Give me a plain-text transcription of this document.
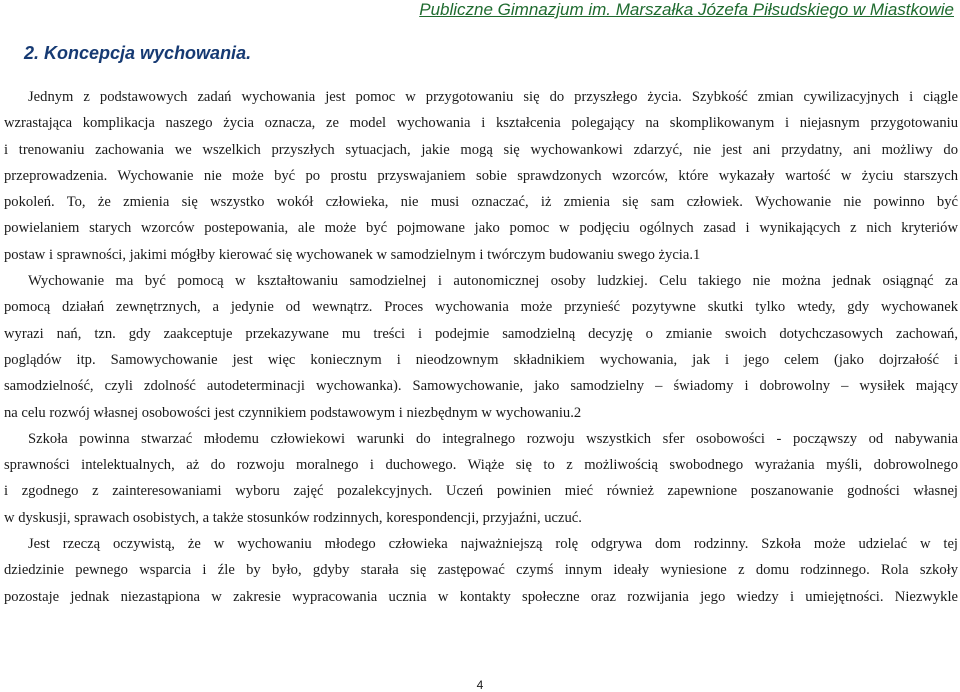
Publiczne Gimnazjum im. Marszałka Józefa Piłsudskiego w Miastkowie
2. Koncepcja wychowania.
Jednym z podstawowych zadań wychowania jest pomoc w przygotowaniu się do przyszłego życia. Szybkość zmian cywilizacyjnych i ciągle
wzrastająca komplikacja naszego życia oznacza, ze model wychowania i kształcenia polegający na skomplikowanym i niejasnym przygotowaniu
i trenowaniu zachowania we wszelkich przyszłych sytuacjach, jakie mogą się wychowankowi zdarzyć, nie jest ani przydatny, ani możliwy do
przeprowadzenia. Wychowanie nie może być po prostu przyswajaniem sobie sprawdzonych wzorców, które wykazały wartość w życiu starszych
pokoleń. To, że zmienia się wszystko wokół człowieka, nie musi oznaczać, iż zmienia się sam człowiek. Wychowanie nie powinno być
powielaniem starych wzorców postepowania, ale może być pojmowane jako pomoc w podjęciu ogólnych zasad i wynikających z nich kryteriów
postaw i sprawności, jakimi mógłby kierować się wychowanek w samodzielnym i twórczym budowaniu swego życia.1
Wychowanie ma być pomocą w kształtowaniu samodzielnej i autonomicznej osoby ludzkiej. Celu takiego nie można jednak osiągnąć za
pomocą działań zewnętrznych, a jedynie od wewnątrz. Proces wychowania może przynieść pozytywne skutki tylko wtedy, gdy wychowanek
wyrazi nań, tzn. gdy zaakceptuje przekazywane mu treści i podejmie samodzielną decyzję o zmianie swoich dotychczasowych zachowań,
poglądów itp. Samowychowanie jest więc koniecznym i nieodzownym składnikiem wychowania, jak i jego celem (jako dojrzałość i
samodzielność, czyli zdolność autodeterminacji wychowanka). Samowychowanie, jako samodzielny – świadomy i dobrowolny – wysiłek mający
na celu rozwój własnej osobowości jest czynnikiem podstawowym i niezbędnym w wychowaniu.2
Szkoła powinna stwarzać młodemu człowiekowi warunki do integralnego rozwoju wszystkich sfer osobowości - począwszy od nabywania
sprawności intelektualnych, aż do rozwoju moralnego i duchowego. Wiąże się to z możliwością swobodnego wyrażania myśli, dobrowolnego
i zgodnego z zainteresowaniami wyboru zajęć pozalekcyjnych. Uczeń powinien mieć również zapewnione poszanowanie godności własnej
w dyskusji, sprawach osobistych, a także stosunków rodzinnych, korespondencji, przyjaźni, uczuć.
Jest rzeczą oczywistą, że w wychowaniu młodego człowieka najważniejszą rolę odgrywa dom rodzinny. Szkoła może udzielać w tej
dziedzinie pewnego wsparcia i źle by było, gdyby starała się zastępować czymś innym ideały wyniesione z domu rodzinnego. Rola szkoły
pozostaje jednak niezastąpiona w zakresie wypracowania ucznia w kontakty społeczne oraz rozwijania jego wiedzy i umiejętności. Niezwykle
4
